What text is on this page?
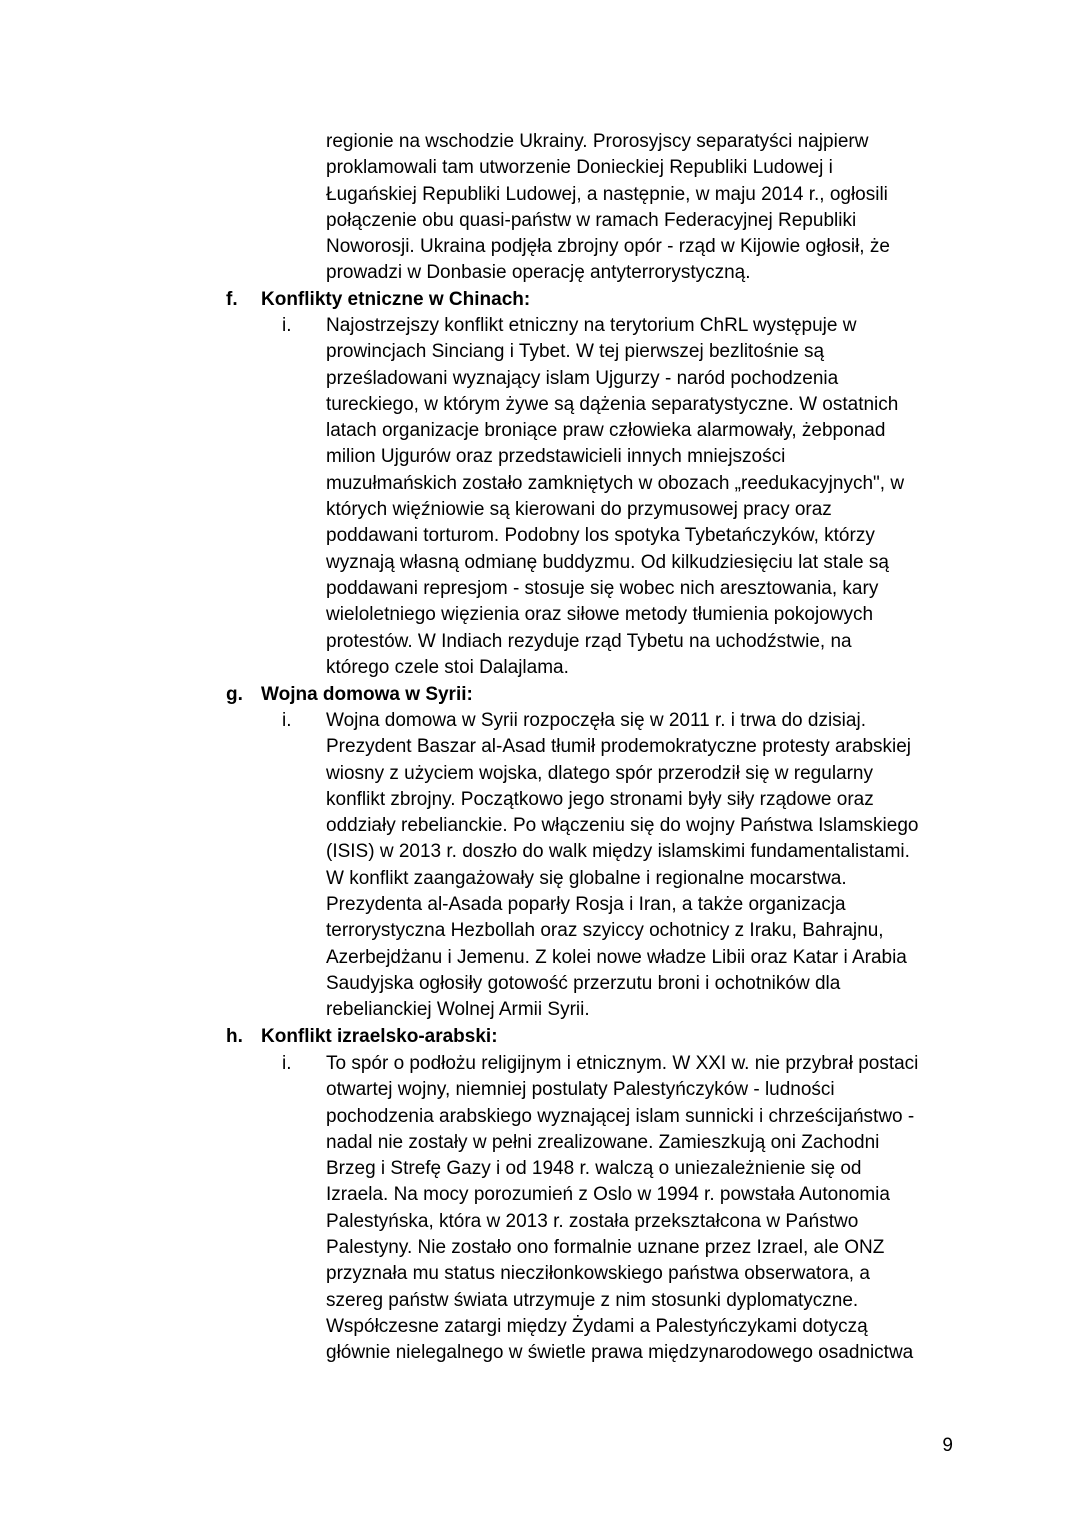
regionie na wschodzie Ukrainy. Prorosyjscy separatyści najpierw
proklamowali tam utworzenie Donieckiej Republiki Ludowej i
Ługańskiej Republiki Ludowej, a następnie, w maju 2014 r., ogłosili
połączenie obu quasi-państw w ramach Federacyjnej Republiki
Noworosji. Ukraina podjęła zbrojny opór - rząd w Kijowie ogłosił, że
prowadzi w Donbasie operację antyterrorystyczną.
f.	Konflikty etniczne w Chinach:
i. Najostrzejszy konflikt etniczny na terytorium ChRL występuje w
prowincjach Sinciang i Tybet. W tej pierwszej bezlitośnie są
prześladowani wyznający islam Ujgurzy - naród pochodzenia
tureckiego, w którym żywe są dążenia separatystyczne. W ostatnich
latach organizacje broniące praw człowieka alarmowały, żebponad
milion Ujgurów oraz przedstawicieli innych mniejszości
muzułmańskich zostało zamkniętych w obozach „reedukacyjnych", w
których więźniowie są kierowani do przymusowej pracy oraz
poddawani torturom. Podobny los spotyka Tybetańczyków, którzy
wyznają własną odmianę buddyzmu. Od kilkudziesięciu lat stale są
poddawani represjom - stosuje się wobec nich aresztowania, kary
wieloletniego więzienia oraz siłowe metody tłumienia pokojowych
protestów. W Indiach rezyduje rząd Tybetu na uchodźstwie, na
którego czele stoi Dalajlama.
g. Wojna domowa w Syrii:
i. Wojna domowa w Syrii rozpoczęła się w 2011 r. i trwa do dzisiaj.
Prezydent Baszar al-Asad tłumił prodemokratyczne protesty arabskiej
wiosny z użyciem wojska, dlatego spór przerodził się w regularny
konflikt zbrojny. Początkowo jego stronami były siły rządowe oraz
oddziały rebelianckie. Po włączeniu się do wojny Państwa Islamskiego
(ISIS) w 2013 r. doszło do walk między islamskimi fundamentalistami.
W konflikt zaangażowały się globalne i regionalne mocarstwa.
Prezydenta al-Asada poparły Rosja i Iran, a także organizacja
terrorystyczna Hezbollah oraz szyiccy ochotnicy z Iraku, Bahrajnu,
Azerbejdżanu i Jemenu. Z kolei nowe władze Libii oraz Katar i Arabia
Saudyjska ogłosiły gotowość przerzutu broni i ochotników dla
rebelianckiej Wolnej Armii Syrii.
h. Konflikt izraelsko-arabski:
i. To spór o podłożu religijnym i etnicznym. W XXI w. nie przybrał postaci
otwartej wojny, niemniej postulaty Palestyńczyków - ludności
pochodzenia arabskiego wyznającej islam sunnicki i chrześcijaństwo -
nadal nie zostały w pełni zrealizowane. Zamieszkują oni Zachodni
Brzeg i Strefę Gazy i od 1948 r. walczą o uniezależnienie się od
Izraela. Na mocy porozumień z Oslo w 1994 r. powstała Autonomia
Palestyńska, która w 2013 r. została przekształcona w Państwo
Palestyny. Nie zostało ono formalnie uznane przez Izrael, ale ONZ
przyznała mu status niecziłonkowskiego państwa obserwatora, a
szereg państw świata utrzymuje z nim stosunki dyplomatyczne.
Współczesne zatargi między Żydami a Palestyńczykami dotyczą
głównie nielegalnego w świetle prawa międzynarodowego osadnictwa
9
